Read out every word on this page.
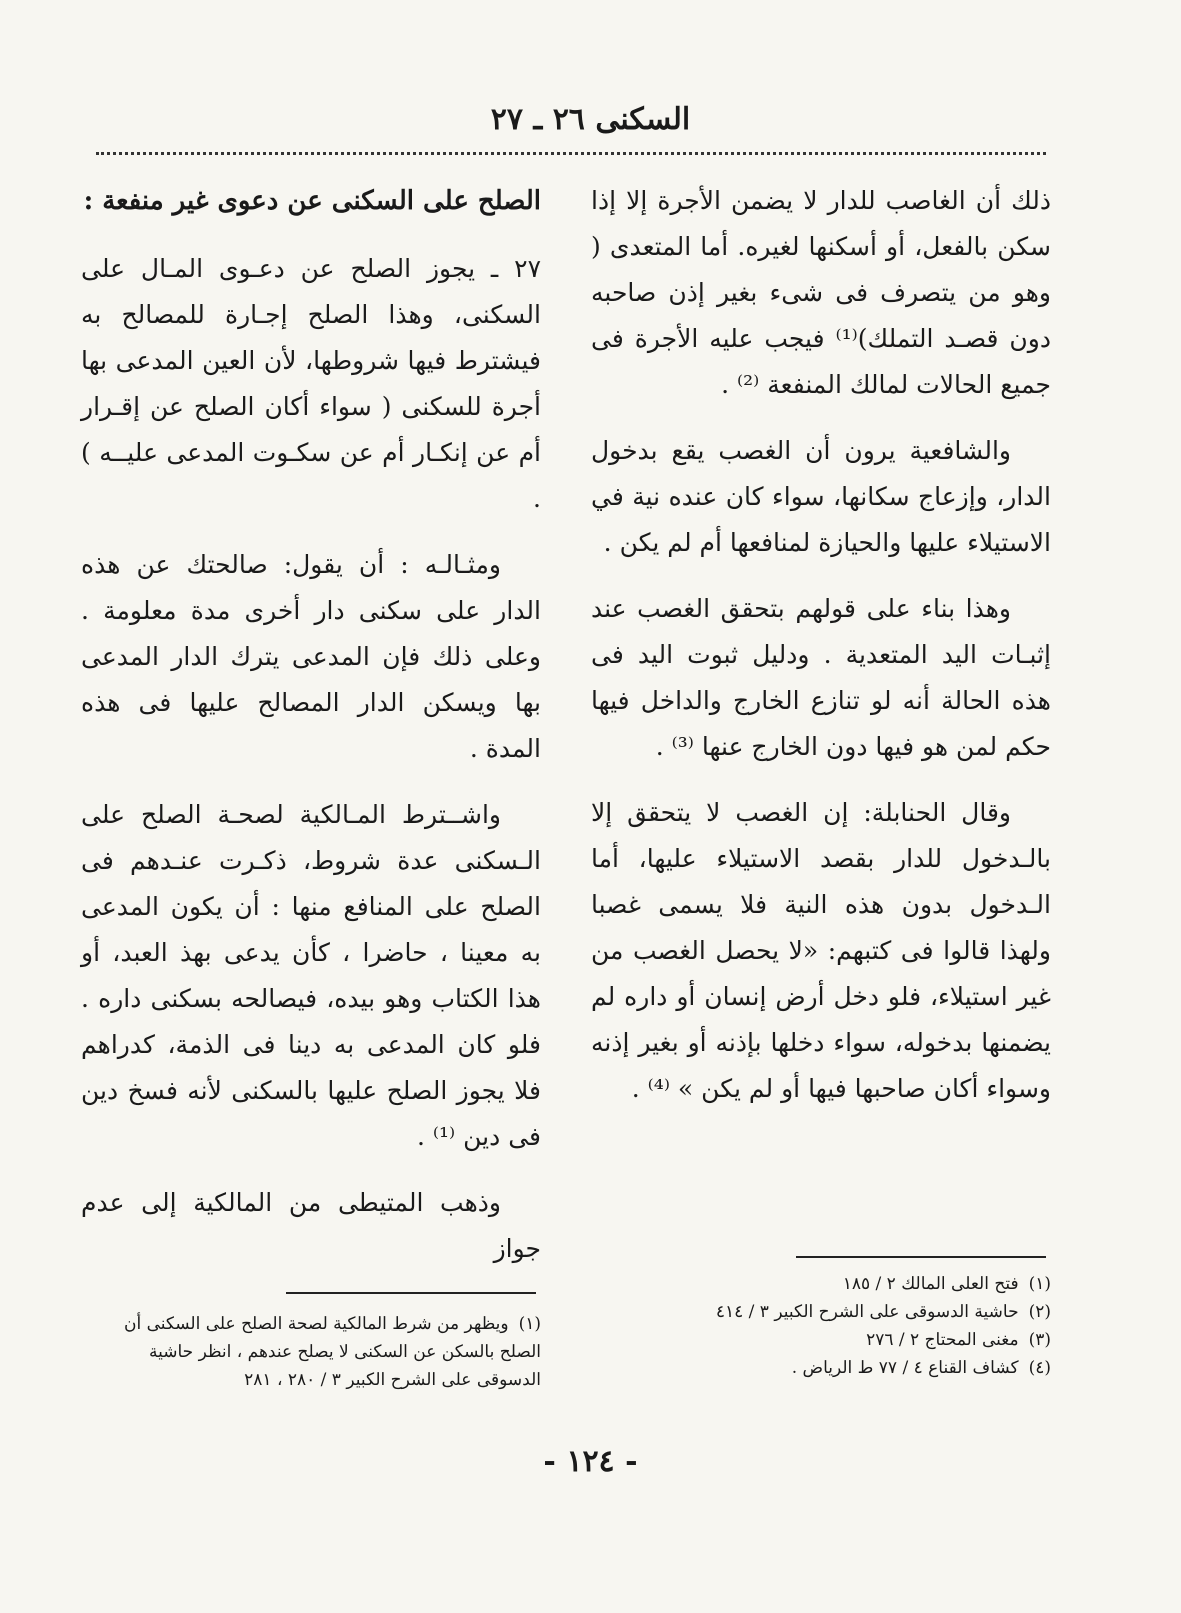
السكنى ٢٦ ـ ٢٧

ذلك أن الغاصب للدار لا يضمن الأجرة إلا إذا سكن بالفعل، أو أسكنها لغيره. أما المتعدى ( وهو من يتصرف فى شىء بغير إذن صاحبه دون قصـد التملك)⁽¹⁾ فيجب عليه الأجرة فى جميع الحالات لمالك المنفعة ⁽²⁾ .

والشافعية يرون أن الغصب يقع بدخول الدار، وإزعاج سكانها، سواء كان عنده نية في الاستيلاء عليها والحيازة لمنافعها أم لم يكن .

وهذا بناء على قولهم بتحقق الغصب عند إثبـات اليد المتعدية . ودليل ثبوت اليد فى هذه الحالة أنه لو تنازع الخارج والداخل فيها حكم لمن هو فيها دون الخارج عنها ⁽³⁾ .

وقال الحنابلة: إن الغصب لا يتحقق إلا بالـدخول للدار بقصد الاستيلاء عليها، أما الـدخول بدون هذه النية فلا يسمى غصبا ولهذا قالوا فى كتبهم: «لا يحصل الغصب من غير استيلاء، فلو دخل أرض إنسان أو داره لم يضمنها بدخوله، سواء دخلها بإذنه أو بغير إذنه وسواء أكان صاحبها فيها أو لم يكن » ⁽⁴⁾ .

الصلح على السكنى عن دعوى غير منفعة :

٢٧ ـ يجوز الصلح عن دعـوى المـال على السكنى، وهذا الصلح إجـارة للمصالح به فيشترط فيها شروطها، لأن العين المدعى بها أجرة للسكنى ( سواء أكان الصلح عن إقـرار أم عن إنكـار أم عن سكـوت المدعى عليــه ) .

ومثـالـه : أن يقول: صالحتك عن هذه الدار على سكنى دار أخرى مدة معلومة . وعلى ذلك فإن المدعى يترك الدار المدعى بها ويسكن الدار المصالح عليها فى هذه المدة .

واشــترط المـالكية لصحـة الصلح على الـسكنى عدة شروط، ذكـرت عنـدهم فى الصلح على المنافع منها : أن يكون المدعى به معينا ، حاضرا ، كأن يدعى بهذ العبد، أو هذا الكتاب وهو بيده، فيصالحه بسكنى داره . فلو كان المدعى به دينا فى الذمة، كدراهم فلا يجوز الصلح عليها بالسكنى لأنه فسخ دين فى دين ⁽¹⁾ .

وذهب المتيطى من المالكية إلى عدم جواز

(١)فتح العلى المالك ٢ / ١٨٥

(٢)حاشية الدسوقى على الشرح الكبير ٣ / ٤١٤

(٣)مغنى المحتاج ٢ / ٢٧٦

(٤)كشاف القناع ٤ / ٧٧ ط الرياض .

(١)ويظهر من شرط المالكية لصحة الصلح على السكنى أن الصلح بالسكن عن السكنى لا يصلح عندهم ، انظر حاشية الدسوقى على الشرح الكبير ٣ / ٢٨٠ ، ٢٨١

- ١٢٤ -
